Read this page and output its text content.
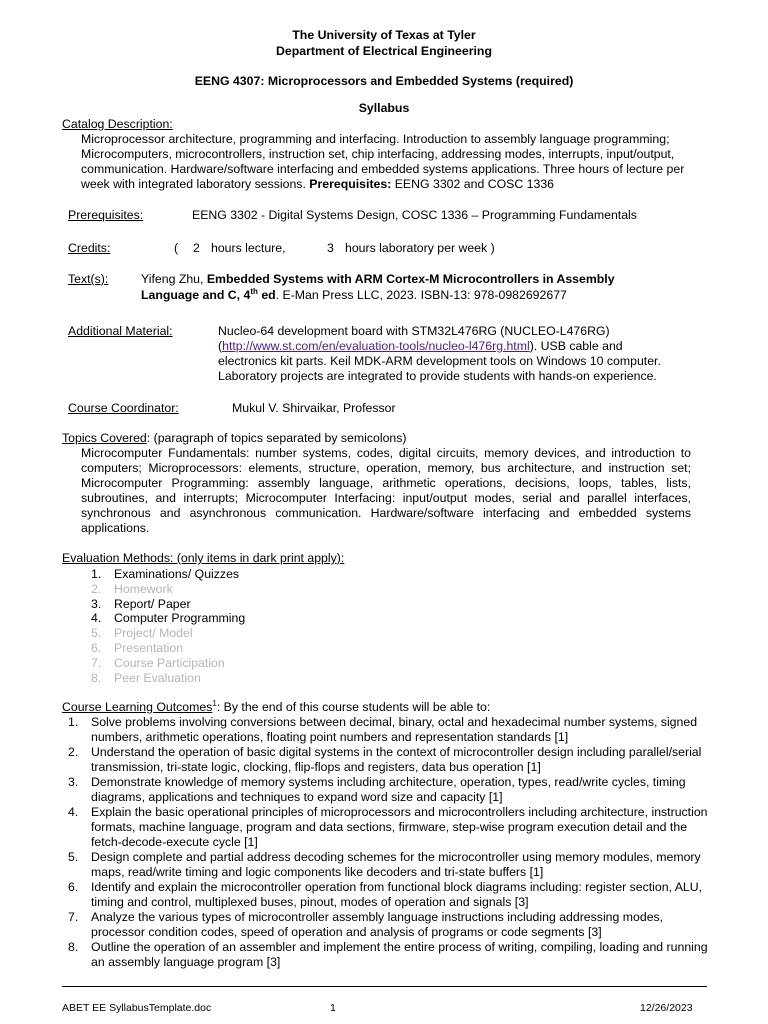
The University of Texas at Tyler
Department of Electrical Engineering
EENG 4307: Microprocessors and Embedded Systems (required)
Syllabus
Catalog Description:
Microprocessor architecture, programming and interfacing. Introduction to assembly language programming; Microcomputers, microcontrollers, instruction set, chip interfacing, addressing modes, interrupts, input/output, communication. Hardware/software interfacing and embedded systems applications. Three hours of lecture per week with integrated laboratory sessions. Prerequisites: EENG 3302 and COSC 1336
Prerequisites:	EENG 3302 - Digital Systems Design, COSC 1336 – Programming Fundamentals
Credits:	( 2 hours lecture,	3 hours laboratory per week )
Text(s):	Yifeng Zhu, Embedded Systems with ARM Cortex-M Microcontrollers in Assembly
Language and C, 4th ed. E-Man Press LLC, 2023. ISBN-13: 978-0982692677
Additional Material:	Nucleo-64 development board with STM32L476RG (NUCLEO-L476RG)
(http://www.st.com/en/evaluation-tools/nucleo-l476rg.html). USB cable and
electronics kit parts. Keil MDK-ARM development tools on Windows 10 computer.
Laboratory projects are integrated to provide students with hands-on experience.
Course Coordinator:	Mukul V. Shirvaikar, Professor
Topics Covered: (paragraph of topics separated by semicolons)
Microcomputer Fundamentals: number systems, codes, digital circuits, memory devices, and introduction to computers; Microprocessors: elements, structure, operation, memory, bus architecture, and instruction set; Microcomputer Programming: assembly language, arithmetic operations, decisions, loops, tables, lists, subroutines, and interrupts; Microcomputer Interfacing: input/output modes, serial and parallel interfaces, synchronous and asynchronous communication. Hardware/software interfacing and embedded systems applications.
Evaluation Methods: (only items in dark print apply):
1. Examinations/ Quizzes
2. Homework
3. Report/ Paper
4. Computer Programming
5. Project/ Model
6. Presentation
7. Course Participation
8. Peer Evaluation
Course Learning Outcomes$^1$: By the end of this course students will be able to:
1.	Solve problems involving conversions between decimal, binary, octal and hexadecimal number systems, signed numbers, arithmetic operations, floating point numbers and representation standards [1]
2.	Understand the operation of basic digital systems in the context of microcontroller design including parallel/serial transmission, tri-state logic, clocking, flip-flops and registers, data bus operation [1]
3.	Demonstrate knowledge of memory systems including architecture, operation, types, read/write cycles, timing diagrams, applications and techniques to expand word size and capacity [1]
4.	Explain the basic operational principles of microprocessors and microcontrollers including architecture, instruction formats, machine language, program and data sections, firmware, step-wise program execution detail and the fetch-decode-execute cycle [1]
5.	Design complete and partial address decoding schemes for the microcontroller using memory modules, memory maps, read/write timing and logic components like decoders and tri-state buffers [1]
6.	Identify and explain the microcontroller operation from functional block diagrams including: register section, ALU, timing and control, multiplexed buses, pinout, modes of operation and signals [3]
7.	Analyze the various types of microcontroller assembly language instructions including addressing modes, processor condition codes, speed of operation and analysis of programs or code segments [3]
8.	Outline the operation of an assembler and implement the entire process of writing, compiling, loading and running an assembly language program [3]
ABET EE SyllabusTemplate.doc	1	12/26/2023
